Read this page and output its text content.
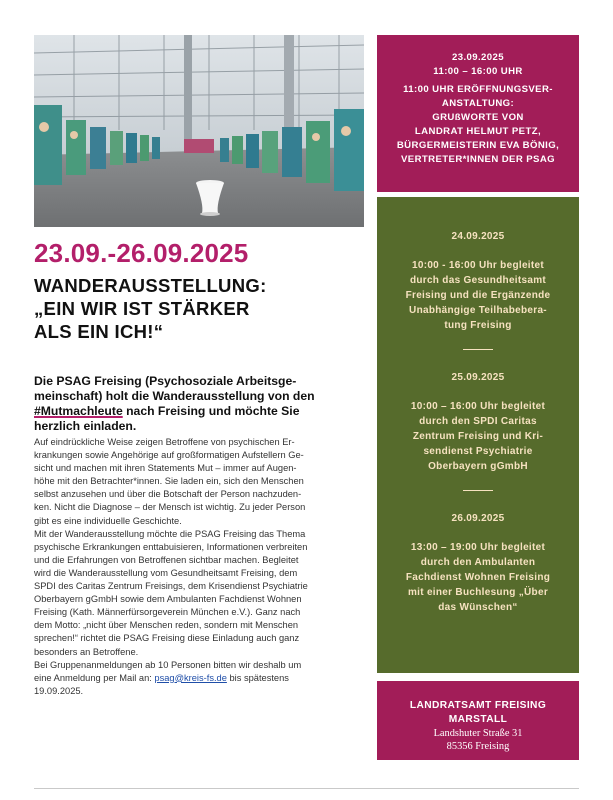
23.09.-26.09.2025
WANDERAUSSTELLUNG:
„EIN WIR IST STÄRKER
ALS EIN ICH!“
Die PSAG Freising (Psychosoziale Arbeitsge-
meinschaft) holt die Wanderausstellung von den
#Mutmachleute nach Freising und möchte Sie
herzlich einladen.
Auf eindrückliche Weise zeigen Betroffene von psychischen Er-
krankungen sowie Angehörige auf großformatigen Aufstellern Ge-
sicht und machen mit ihren Statements Mut – immer auf Augen-
höhe mit den Betrachter*innen. Sie laden ein, sich den Menschen
selbst anzusehen und über die Botschaft der Person nachzuden-
ken. Nicht die Diagnose – der Mensch ist wichtig. Zu jeder Person
gibt es eine individuelle Geschichte.
Mit der Wanderausstellung möchte die PSAG Freising das Thema
psychische Erkrankungen enttabuisieren, Informationen verbreiten
und die Erfahrungen von Betroffenen sichtbar machen. Begleitet
wird die Wanderausstellung vom Gesundheitsamt Freising, dem
SPDI des Caritas Zentrum Freisings, dem Krisendienst Psychiatrie
Oberbayern gGmbH sowie dem Ambulanten Fachdienst Wohnen
Freising (Kath. Männerfürsorgeverein München e.V.). Ganz nach
dem Motto: „nicht über Menschen reden, sondern mit Menschen
sprechen!“ richtet die PSAG Freising diese Einladung auch ganz
besonders an Betroffene.
Bei Gruppenanmeldungen ab 10 Personen bitten wir deshalb um
eine Anmeldung per Mail an: psag@kreis-fs.de bis spätestens
19.09.2025.
23.09.2025
11:00 – 16:00 UHR
11:00 UHR ERÖFFNUNGSVER-
ANSTALTUNG:
GRUßWORTE VON
LANDRAT HELMUT PETZ,
BÜRGERMEISTERIN EVA BÖNIG,
VERTRETER*INNEN DER PSAG
24.09.2025
10:00 - 16:00 Uhr begleitet
durch das Gesundheitsamt
Freising und die Ergänzende
Unabhängige Teilhabebera-
tung Freising
25.09.2025
10:00 – 16:00 Uhr begleitet
durch den SPDI Caritas
Zentrum Freising und Kri-
sendienst Psychiatrie
Oberbayern gGmbH
26.09.2025
13:00 – 19:00 Uhr begleitet
durch den Ambulanten
Fachdienst Wohnen Freising
mit einer Buchlesung „Über
das Wünschen“
LANDRATSAMT FREISING
MARSTALL
Landshuter Straße 31
85356 Freising
